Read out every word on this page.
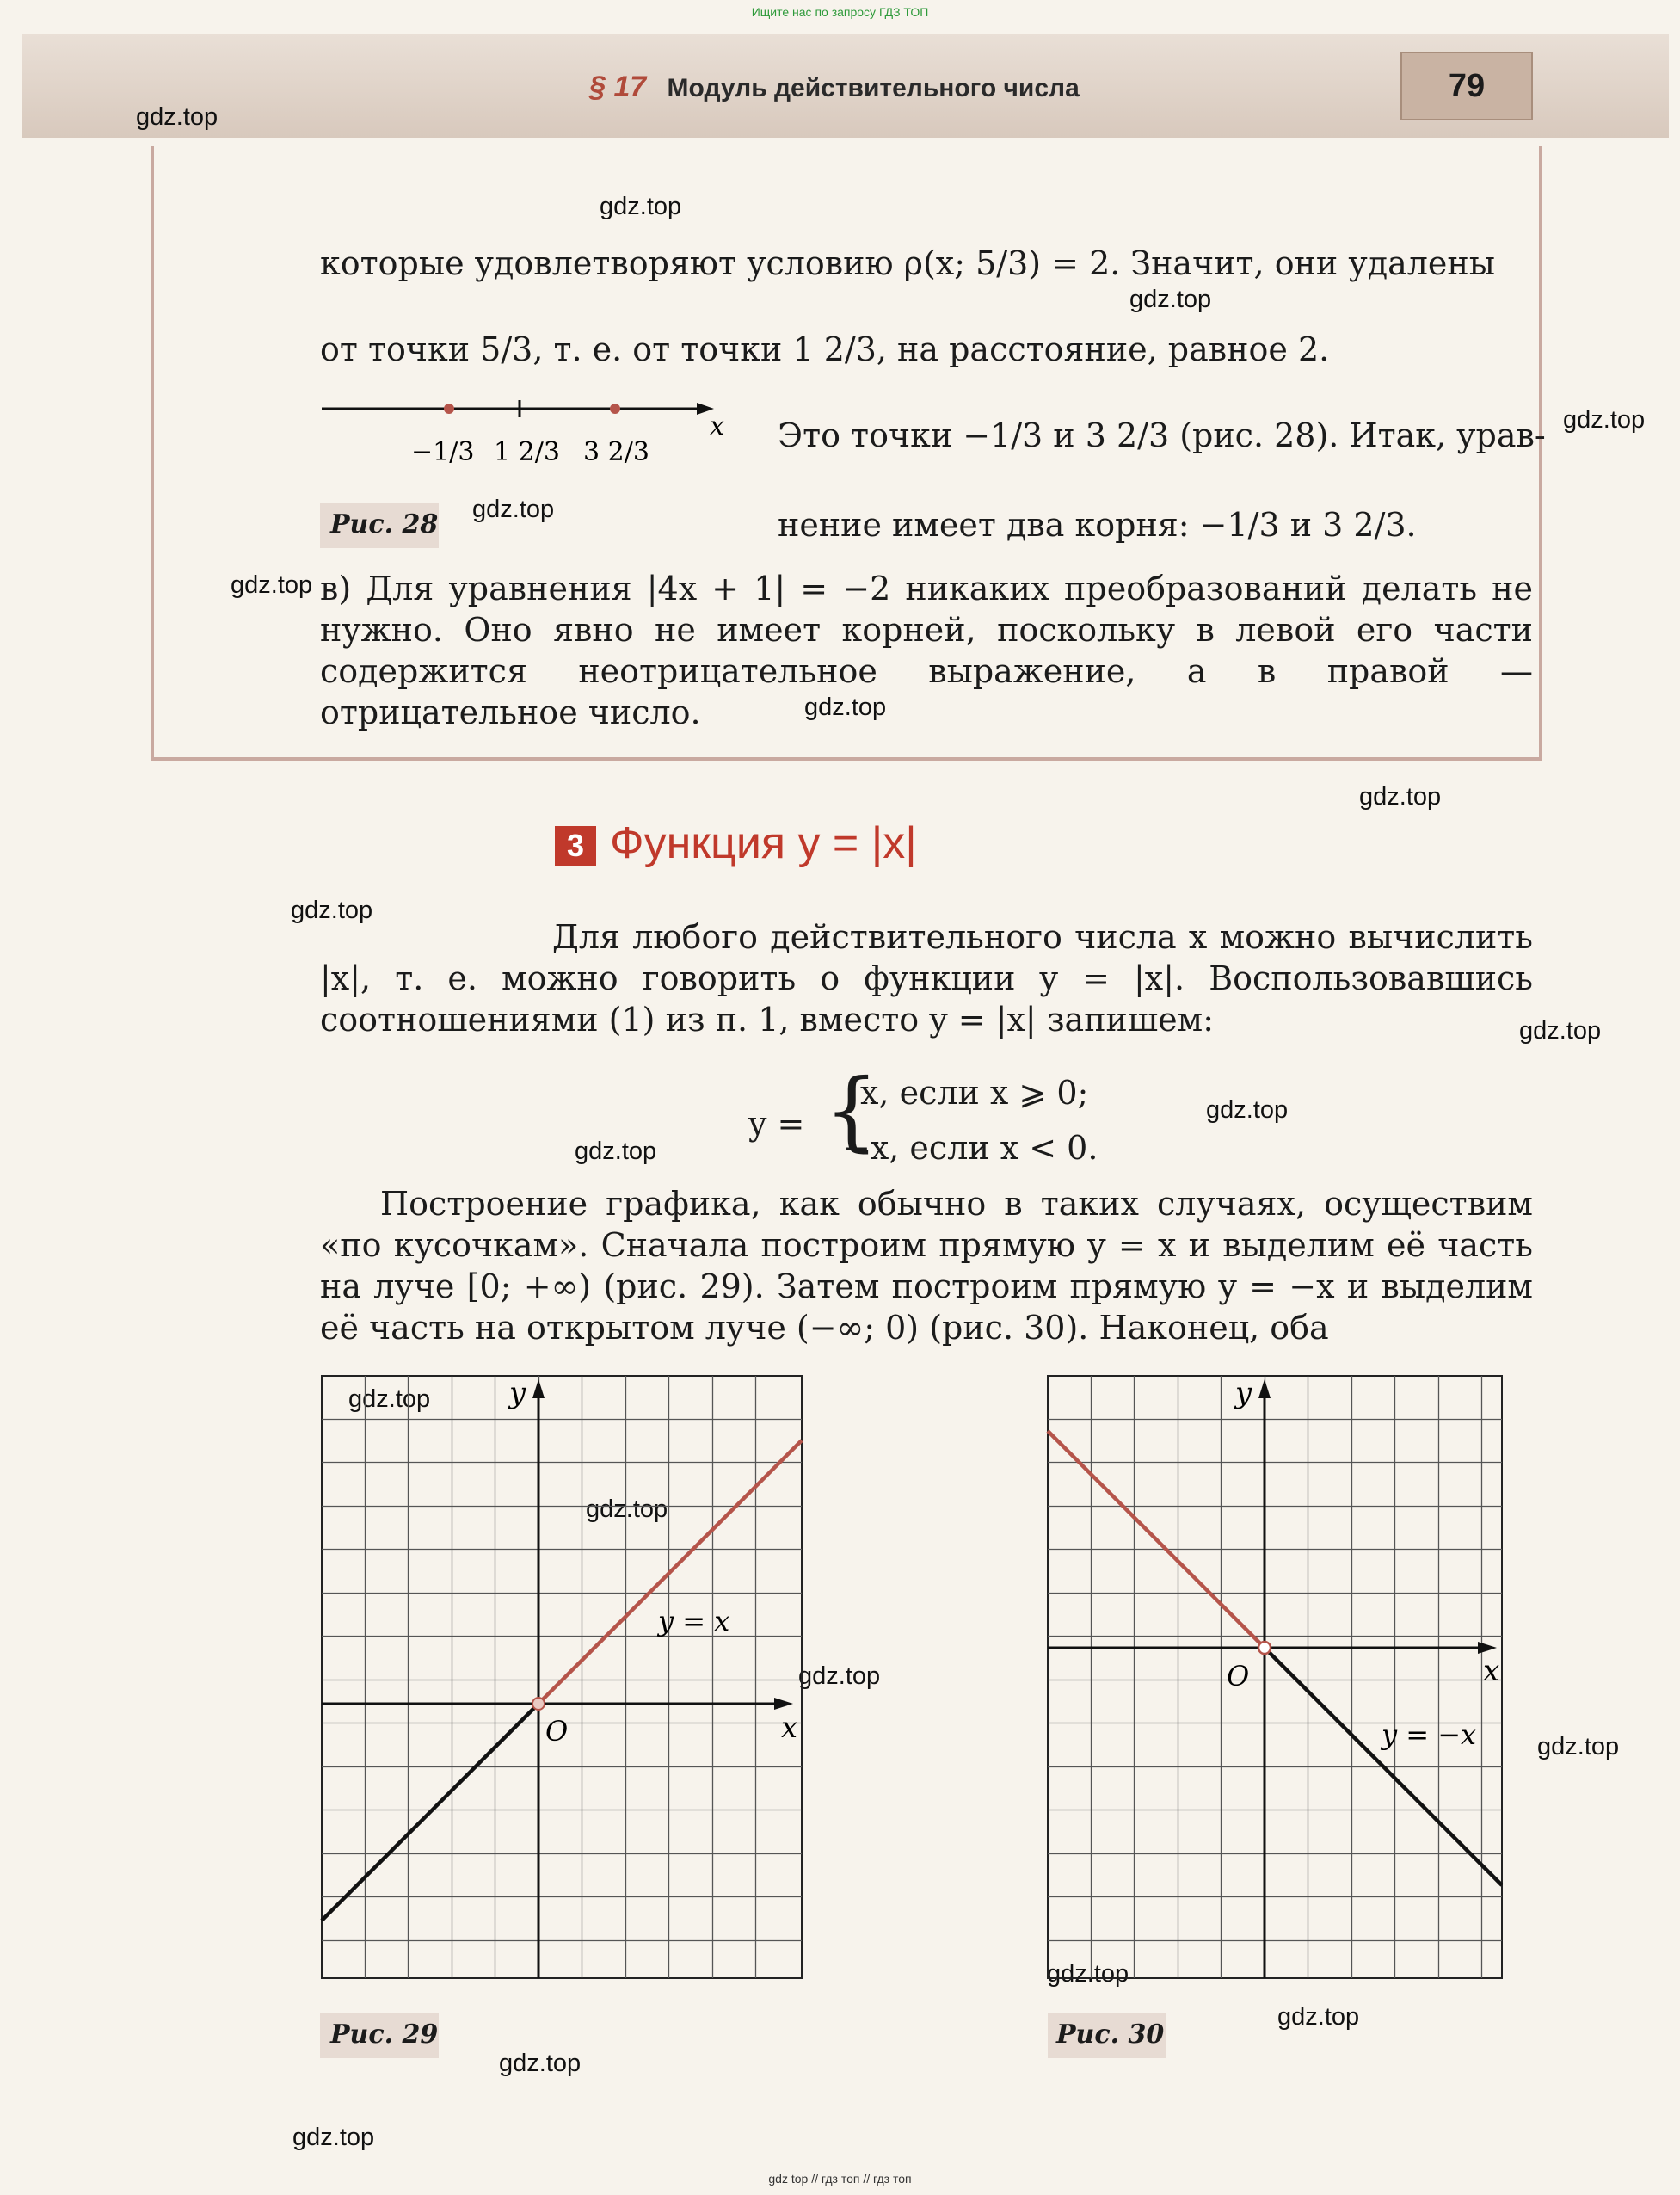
Ищите нас по запросу ГДЗ ТОП
§ 17 Модуль действительного числа	79
gdz.top
gdz.top
gdz.top
gdz.top
gdz.top
gdz.top
gdz.top
gdz.top
gdz.top
gdz.top
gdz.top
gdz.top
gdz.top
gdz.top
gdz.top
gdz.top
gdz.top
gdz.top
gdz.top
gdz.top
которые удовлетворяют условию ρ(x; 5/3) = 2. Значит, они удалены
от точки 5/3, т. е. от точки 1 2/3, на расстояние, равное 2.
x
−1/3 1 2/3 3 2/3
Рис. 28
Это точки −1/3 и 3 2/3 (рис. 28). Итак, урав-
нение имеет два корня: −1/3 и 3 2/3.
в) Для уравнения |4x + 1| = −2 никаких преобразований делать не нужно. Оно явно не имеет корней, поскольку в левой его части содержится неотрицательное выражение, а в правой — отрицательное число.
3 Функция y = |x|
Для любого действительного числа x можно вычислить |x|, т. е. можно говорить о функции y = |x|. Воспользовавшись соотношениями (1) из п. 1, вместо y = |x| запишем:
y = {
x, если x ⩾ 0;
−x, если x < 0.
Построение графика, как обычно в таких случаях, осуществим «по кусочкам». Сначала построим прямую y = x и выделим её часть на луче [0; +∞) (рис. 29). Затем построим прямую y = −x и выделим её часть на открытом луче (−∞; 0) (рис. 30). Наконец, оба
y
x
O
y = x
Рис. 29
y
x
O
y = −x
Рис. 30
gdz top // гдз топ // гдз топ
